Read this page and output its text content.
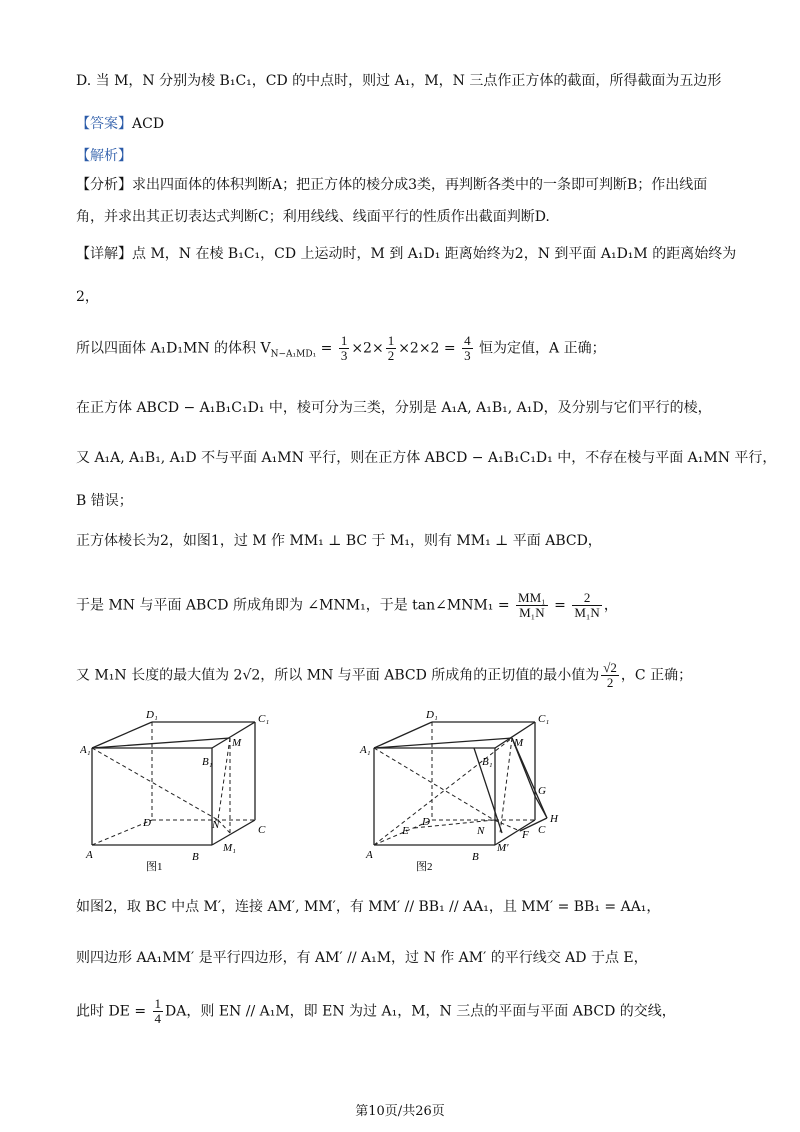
D. 当 M，N 分别为棱 B₁C₁，CD 的中点时，则过 A₁，M，N 三点作正方体的截面，所得截面为五边形
【答案】ACD
【解析】
【分析】求出四面体的体积判断A；把正方体的棱分成3类，再判断各类中的一条即可判断B；作出线面
角，并求出其正切表达式判断C；利用线线、线面平行的性质作出截面判断D.
【详解】点 M，N 在棱 B₁C₁，CD 上运动时，M 到 A₁D₁ 距离始终为2，N 到平面 A₁D₁M 的距离始终为
2，
所以四面体 A₁D₁MN 的体积 $V_{N-A_1MD_1} = \frac{1}{3} \times 2\times \frac{1}{2} \times 2\times 2 = \frac{4}{3}$ 恒为定值，A 正确；
在正方体 ABCD − A₁B₁C₁D₁ 中，棱可分为三类，分别是 A₁A, A₁B₁, A₁D，及分别与它们平行的棱，
又 A₁A, A₁B₁, A₁D 不与平面 A₁MN 平行，则在正方体 ABCD − A₁B₁C₁D₁ 中，不存在棱与平面 A₁MN 平行，
B 错误；
正方体棱长为2，如图1，过 M 作 MM₁ ⊥ BC 于 M₁，则有 MM₁ ⊥ 平面 ABCD，
于是 MN 与平面 ABCD 所成角即为 ∠MNM₁，于是 tan∠MNM₁ = $\frac{\text{MM₁}}{\text{M₁N}} = \frac{2}{\text{M₁N}}$ ，
又 M₁N 长度的最大值为 2√2，所以 MN 与平面 ABCD 所成角的正切值的最小值为 $\frac{√2}{2}$ ，C 正确；
D₁	C₁
A₁
B₁
M
D	N	C
A	B
M₁
图1
D₁	C₁
A₁
B₁
M
G
H
D
E	N	F C
A	B
M′
图2
如图2，取 BC 中点 M′，连接 AM′, MM′，有 MM′ // BB₁ // AA₁，且 MM′ = BB₁ = AA₁，
则四边形 AA₁MM′ 是平行四边形，有 AM′ // A₁M，过 N 作 AM′ 的平行线交 AD 于点 E，
此时 DE = $\frac{1}{4}$ DA，则 EN // A₁M，即 EN 为过 A₁，M，N 三点的平面与平面 ABCD 的交线，
第10页/共26页
